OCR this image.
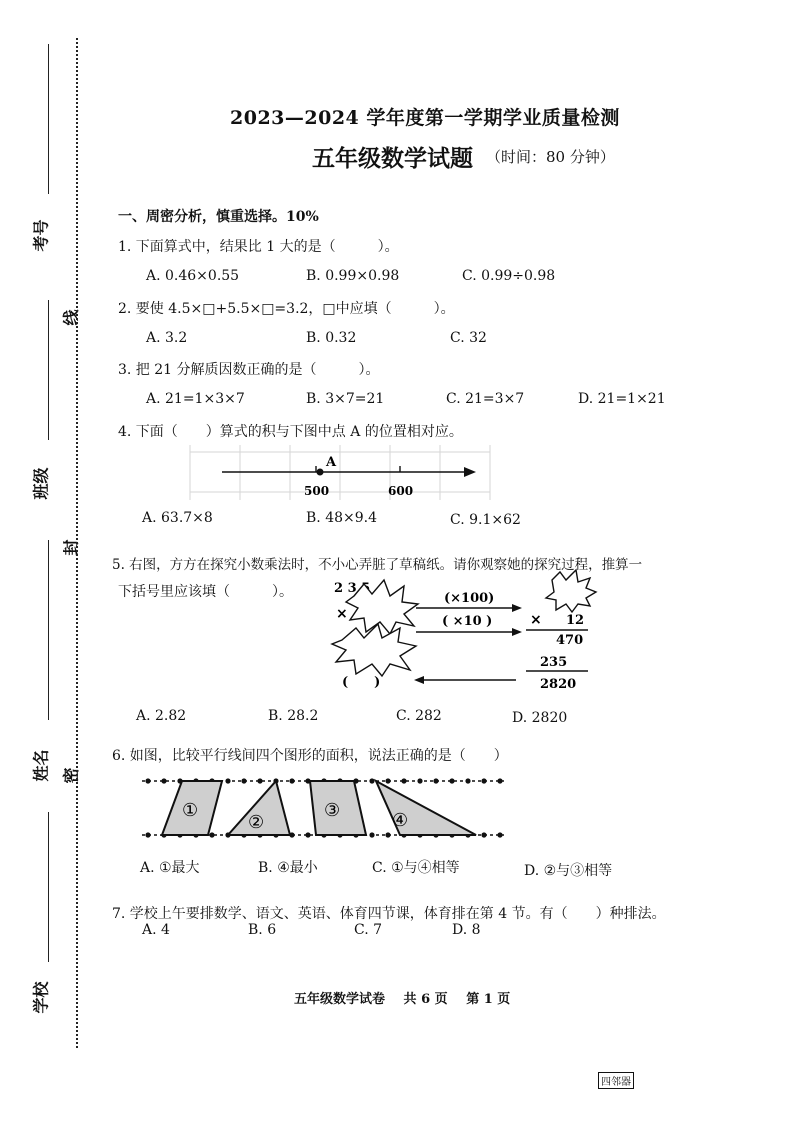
考号
线
班级
封
姓名 密
学校
2023—2024 学年度第一学期学业质量检测
五年级数学试题 （时间：80 分钟）
一、周密分析，慎重选择。10%
1. 下面算式中，结果比 1 大的是（　　　）。
A. 0.46×0.55	B. 0.99×0.98	C. 0.99÷0.98
2. 要使 4.5×□+5.5×□=3.2，□中应填（　　　）。
A. 3.2	B. 0.32	C. 32
3. 把 21 分解质因数正确的是（　　　）。
A. 21=1×3×7	B. 3×7=21	C. 21=3×7	D. 21=1×21
4. 下面（　　）算式的积与下图中点 A 的位置相对应。
A
500	600
A. 63.7×8	B. 48×9.4	C. 9.1×62
5. 右图，方方在探究小数乘法时，不小心弄脏了草稿纸。请你观察她的探究过程，推算一
下括号里应该填（　　　）。	2 3 5
×
(　　)
(×100)
( ×10 )	× 12
470
235
2820
A. 2.82	B. 28.2	C. 282	D. 2820
6. 如图，比较平行线间四个图形的面积，说法正确的是（　　）
①
②
③	④
A. ①最大	B. ④最小	C. ①与④相等	D. ②与③相等
7. 学校上午要排数学、语文、英语、体育四节课，体育排在第 4 节。有（　　）种排法。
A. 4	B. 6	C. 7	D. 8
五年级数学试卷 共 6 页 第 1 页
四邻器
